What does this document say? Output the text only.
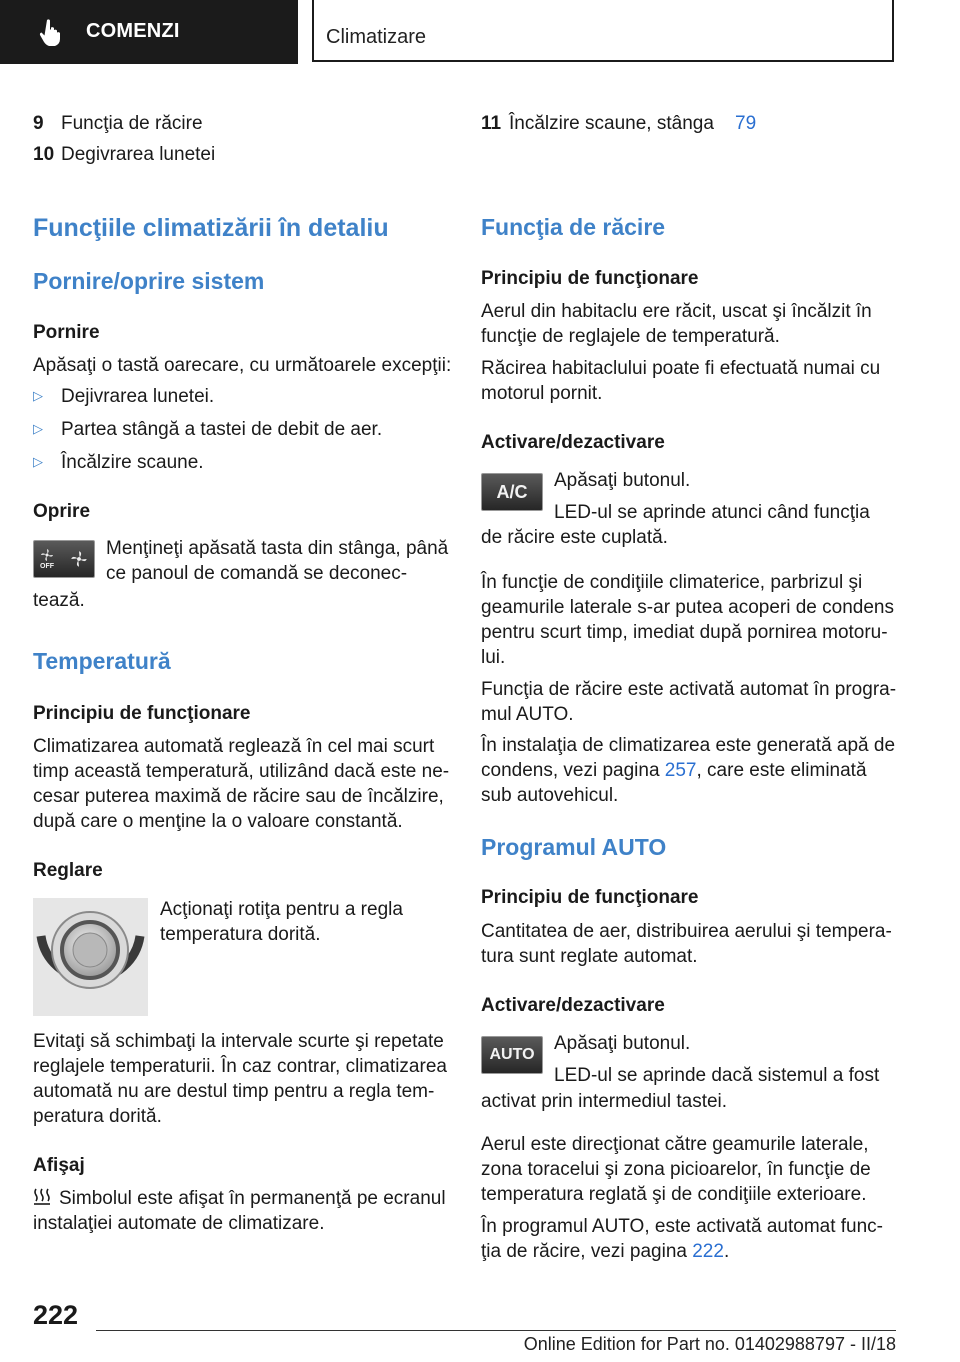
COMENZI	Climatizare
9 Funcţia de răcire
10 Degivrarea lunetei
11 Încălzire scaune, stânga 79
Funcţiile climatizării în detaliu
Pornire/oprire sistem
Pornire
Apăsaţi o tastă oarecare, cu următoarele excepţii:
▷ Dejivrarea lunetei.
▷ Partea stângă a tastei de debit de aer.
▷ Încălzire scaune.
Oprire
OFF
Menţineţi apăsată tasta din stânga, până
ce panoul de comandă se deconec-
tează.
Temperatură
Principiu de funcţionare
Climatizarea automată reglează în cel mai scurt
timp această temperatură, utilizând dacă este ne-
cesar puterea maximă de răcire sau de încălzire,
după care o menţine la o valoare constantă.
Reglare
Acţionaţi rotiţa pentru a regla
temperatura dorită.
Evitaţi să schimbaţi la intervale scurte şi repetate
reglajele temperaturii. În caz contrar, climatizarea
automată nu are destul timp pentru a regla tem-
peratura dorită.
Afişaj
Simbolul este afişat în permanenţă pe ecranul
instalaţiei automate de climatizare.
Funcţia de răcire
Principiu de funcţionare
Aerul din habitaclu ere răcit, uscat şi încălzit în
funcţie de reglajele de temperatură.
Răcirea habitaclului poate fi efectuată numai cu
motorul pornit.
Activare/dezactivare
A/C
Apăsaţi butonul.
LED-ul se aprinde atunci când funcţia
de răcire este cuplată.
În funcţie de condiţiile climaterice, parbrizul şi
geamurile laterale s-ar putea acoperi de condens
pentru scurt timp, imediat după pornirea motoru-
lui.
Funcţia de răcire este activată automat în progra-
mul AUTO.
În instalaţia de climatizarea este generată apă de
condens, vezi pagina 257, care este eliminată
sub autovehicul.
Programul AUTO
Principiu de funcţionare
Cantitatea de aer, distribuirea aerului şi tempera-
tura sunt reglate automat.
Activare/dezactivare
AUTO
Apăsaţi butonul.
LED-ul se aprinde dacă sistemul a fost
activat prin intermediul tastei.
Aerul este direcţionat către geamurile laterale,
zona toracelui şi zona picioarelor, în funcţie de
temperatura reglată şi de condiţiile exterioare.
În programul AUTO, este activată automat func-
ţia de răcire, vezi pagina 222.
222
Online Edition for Part no. 01402988797 - II/18
